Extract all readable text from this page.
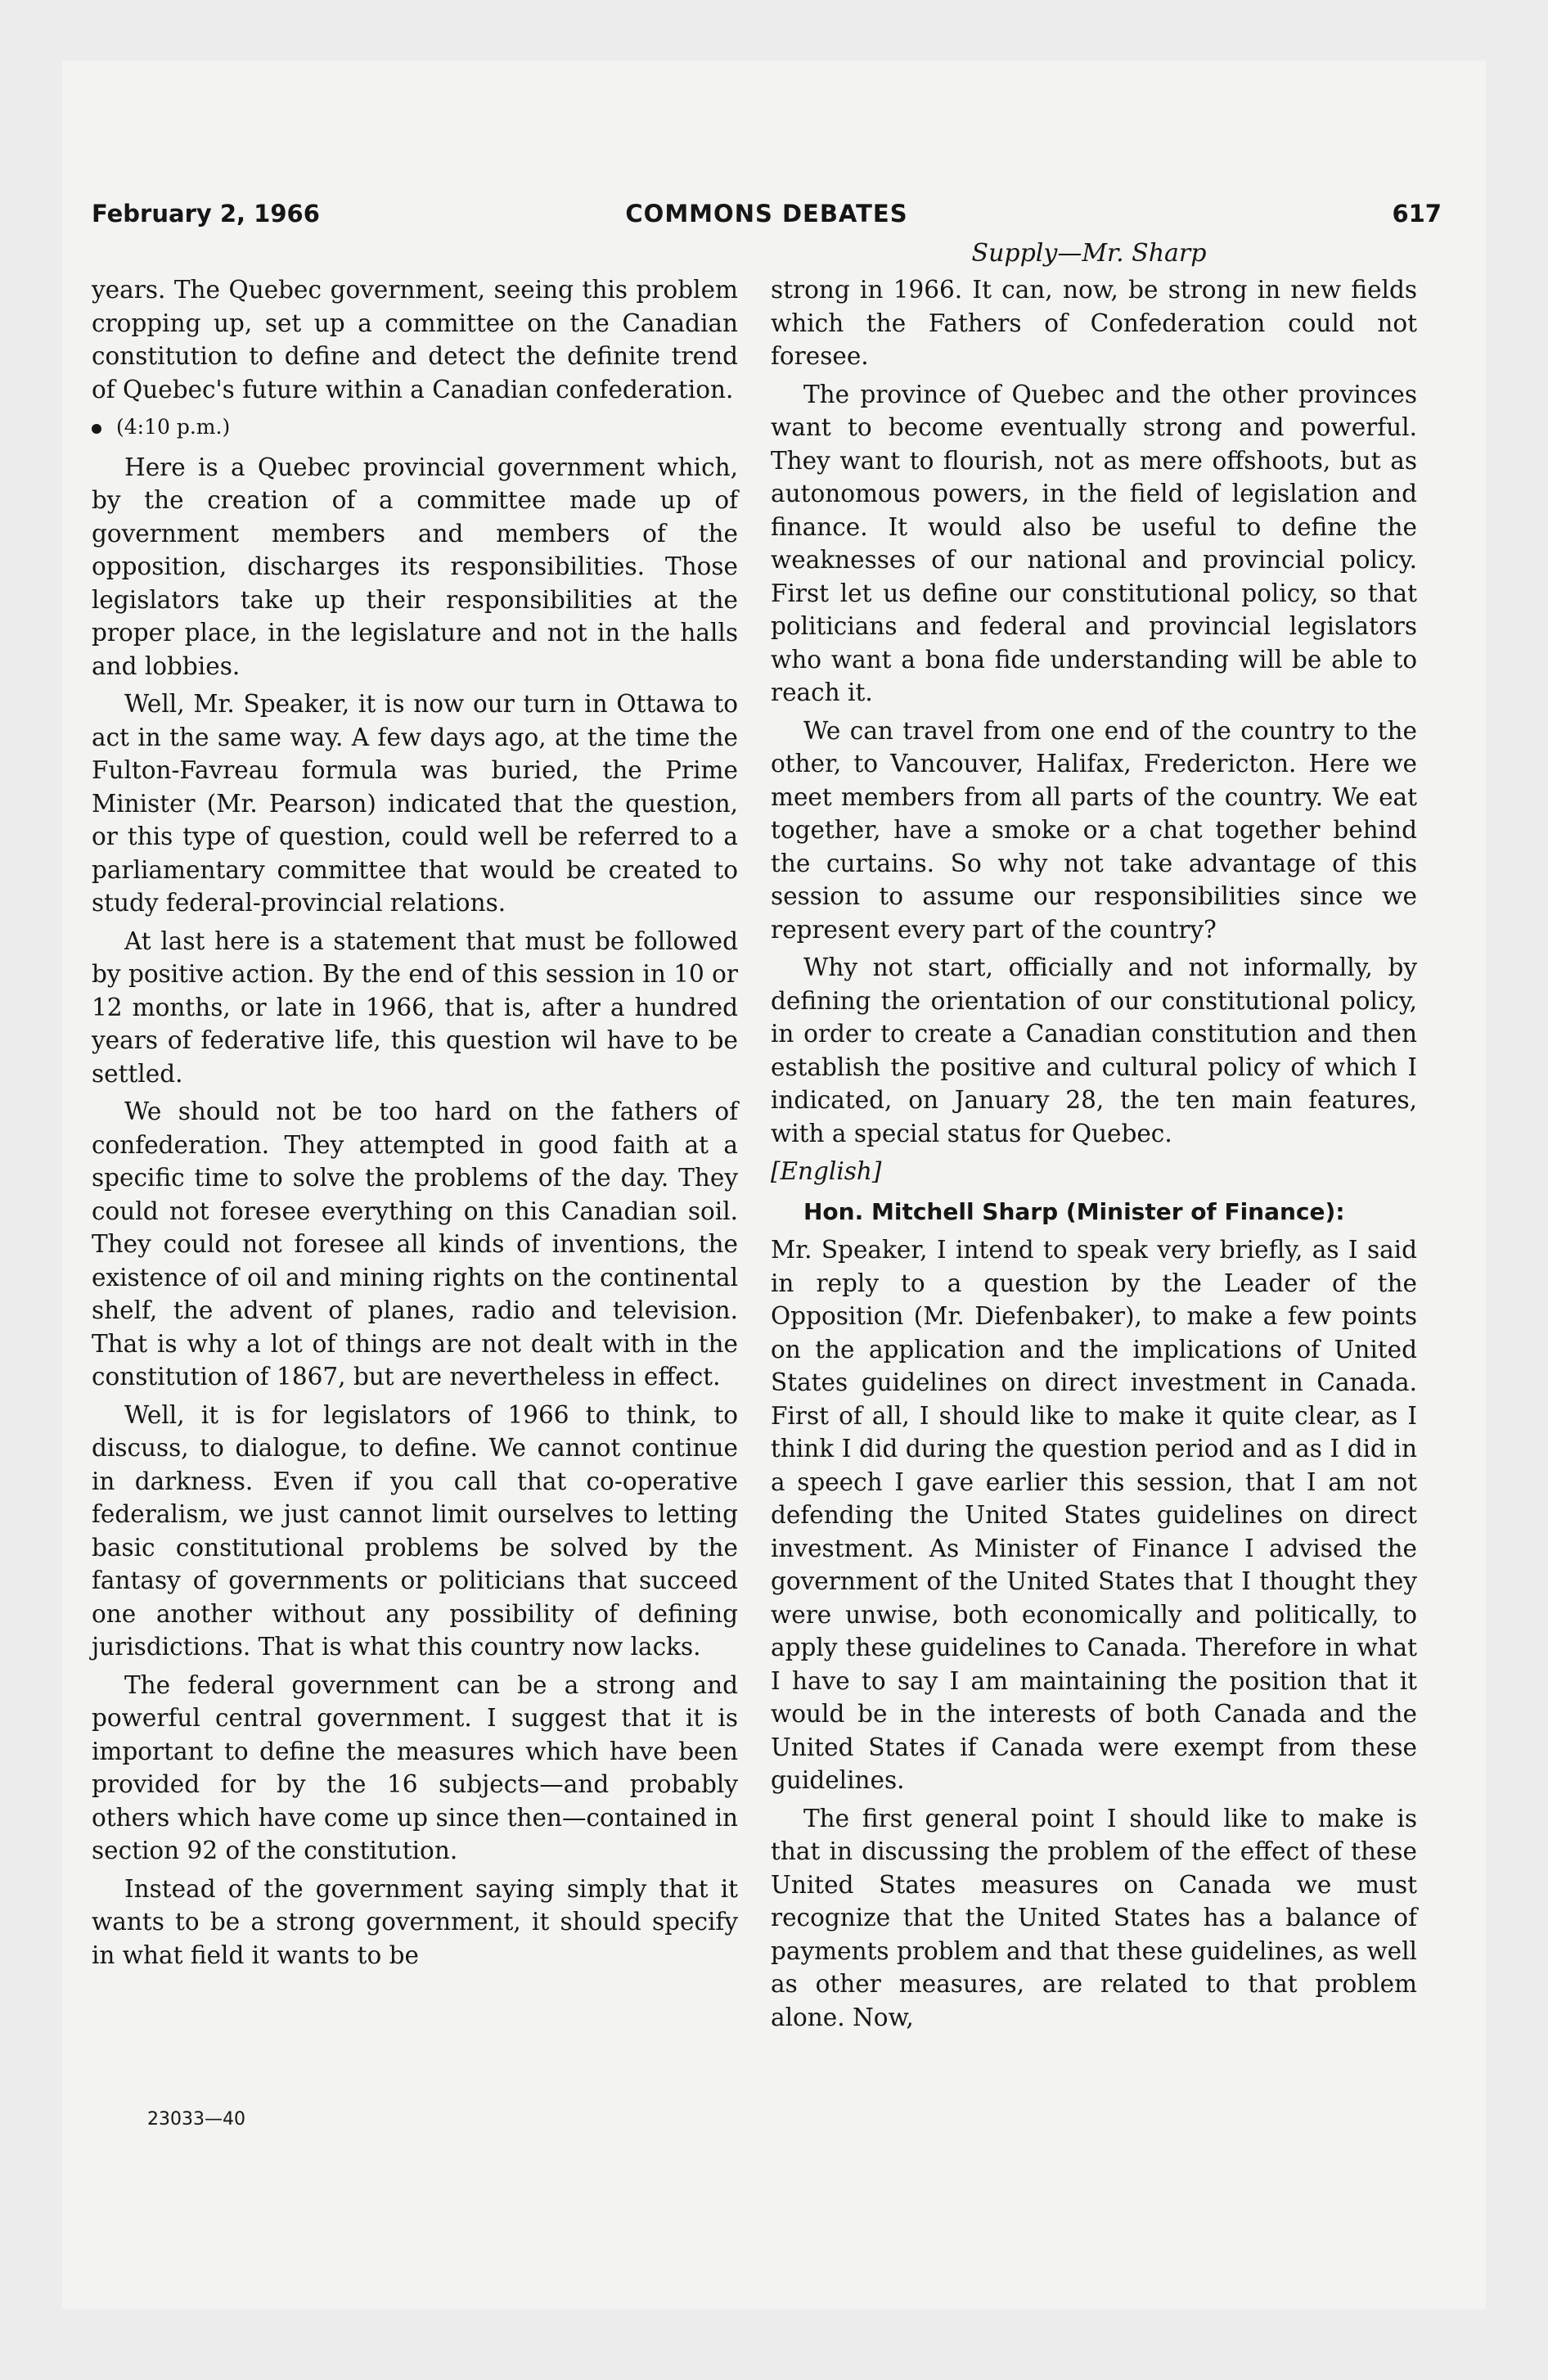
February 2, 1966	COMMONS DEBATES	617
Supply—Mr. Sharp

years. The Quebec government, seeing this problem cropping up, set up a committee on the Canadian constitution to define and detect the definite trend of Quebec's future within a Canadian confederation.

(4:10 p.m.)

Here is a Quebec provincial government which, by the creation of a committee made up of government members and members of the opposition, discharges its responsibilities. Those legislators take up their responsibilities at the proper place, in the legislature and not in the halls and lobbies.

Well, Mr. Speaker, it is now our turn in Ottawa to act in the same way. A few days ago, at the time the Fulton-Favreau formula was buried, the Prime Minister (Mr. Pearson) indicated that the question, or this type of question, could well be referred to a parliamentary committee that would be created to study federal-provincial relations.

At last here is a statement that must be followed by positive action. By the end of this session in 10 or 12 months, or late in 1966, that is, after a hundred years of federative life, this question wil have to be settled.

We should not be too hard on the fathers of confederation. They attempted in good faith at a specific time to solve the problems of the day. They could not foresee everything on this Canadian soil. They could not foresee all kinds of inventions, the existence of oil and mining rights on the continental shelf, the advent of planes, radio and television. That is why a lot of things are not dealt with in the constitution of 1867, but are nevertheless in effect.

Well, it is for legislators of 1966 to think, to discuss, to dialogue, to define. We cannot continue in darkness. Even if you call that co-operative federalism, we just cannot limit ourselves to letting basic constitutional problems be solved by the fantasy of governments or politicians that succeed one another without any possibility of defining jurisdictions. That is what this country now lacks.

The federal government can be a strong and powerful central government. I suggest that it is important to define the measures which have been provided for by the 16 subjects—and probably others which have come up since then—contained in section 92 of the constitution.

Instead of the government saying simply that it wants to be a strong government, it should specify in what field it wants to be

strong in 1966. It can, now, be strong in new fields which the Fathers of Confederation could not foresee.

The province of Quebec and the other provinces want to become eventually strong and powerful. They want to flourish, not as mere offshoots, but as autonomous powers, in the field of legislation and finance. It would also be useful to define the weaknesses of our national and provincial policy. First let us define our constitutional policy, so that politicians and federal and provincial legislators who want a bona fide understanding will be able to reach it.

We can travel from one end of the country to the other, to Vancouver, Halifax, Fredericton. Here we meet members from all parts of the country. We eat together, have a smoke or a chat together behind the curtains. So why not take advantage of this session to assume our responsibilities since we represent every part of the country?

Why not start, officially and not informally, by defining the orientation of our constitutional policy, in order to create a Canadian constitution and then establish the positive and cultural policy of which I indicated, on January 28, the ten main features, with a special status for Quebec.

[English]

Hon. Mitchell Sharp (Minister of Finance):

Mr. Speaker, I intend to speak very briefly, as I said in reply to a question by the Leader of the Opposition (Mr. Diefenbaker), to make a few points on the application and the implications of United States guidelines on direct investment in Canada. First of all, I should like to make it quite clear, as I think I did during the question period and as I did in a speech I gave earlier this session, that I am not defending the United States guidelines on direct investment. As Minister of Finance I advised the government of the United States that I thought they were unwise, both economically and politically, to apply these guidelines to Canada. Therefore in what I have to say I am maintaining the position that it would be in the interests of both Canada and the United States if Canada were exempt from these guidelines.

The first general point I should like to make is that in discussing the problem of the effect of these United States measures on Canada we must recognize that the United States has a balance of payments problem and that these guidelines, as well as other measures, are related to that problem alone. Now,

23033—40
